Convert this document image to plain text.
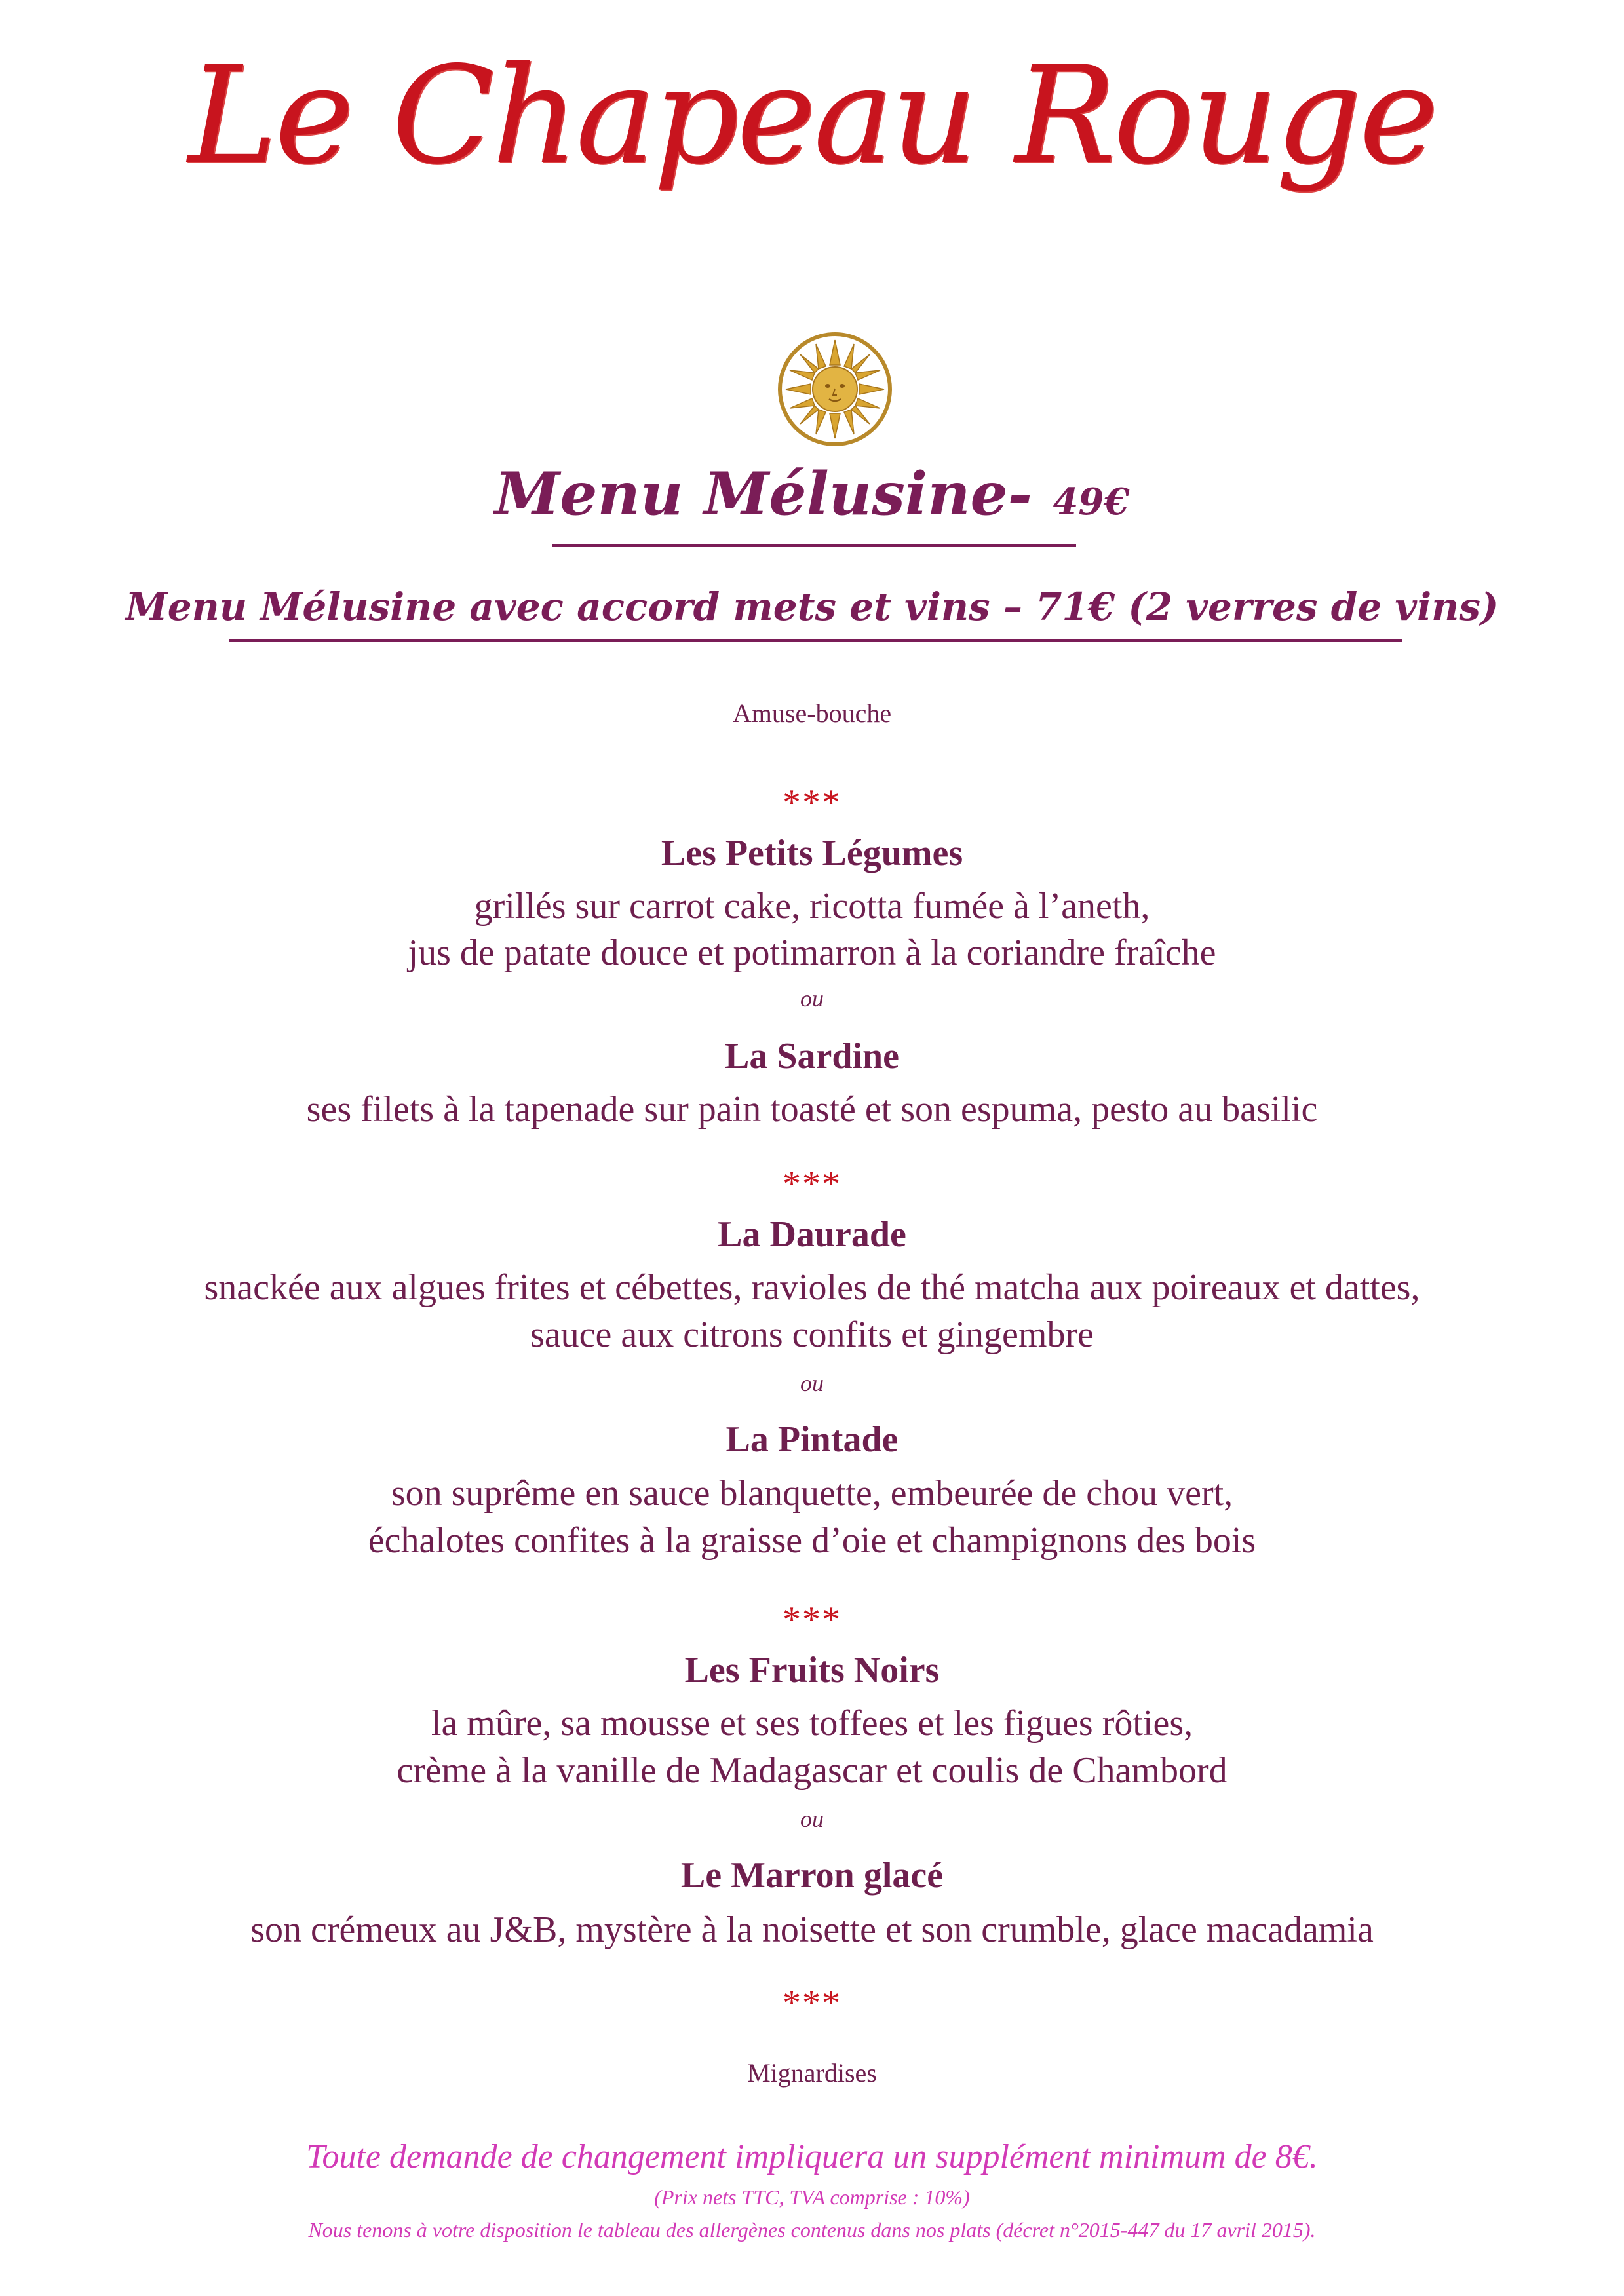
Le Chapeau Rouge
Menu Mélusine- 49€
Menu Mélusine avec accord mets et vins – 71€ (2 verres de vins)
Amuse-bouche
***
Les Petits Légumes
grillés sur carrot cake, ricotta fumée à l’aneth,
jus de patate douce et potimarron à la coriandre fraîche
ou
La Sardine
ses filets à la tapenade sur pain toasté et son espuma, pesto au basilic
***
La Daurade
snackée aux algues frites et cébettes, ravioles de thé matcha aux poireaux et dattes,
sauce aux citrons confits et gingembre
ou
La Pintade
son suprême en sauce blanquette, embeurée de chou vert,
échalotes confites à la graisse d’oie et champignons des bois
***
Les Fruits Noirs
la mûre, sa mousse et ses toffees et les figues rôties,
crème à la vanille de Madagascar et coulis de Chambord
ou
Le Marron glacé
son crémeux au J&B, mystère à la noisette et son crumble, glace macadamia
***
Mignardises
Toute demande de changement impliquera un supplément minimum de 8€.
(Prix nets TTC, TVA comprise : 10%)
Nous tenons à votre disposition le tableau des allergènes contenus dans nos plats (décret n°2015-447 du 17 avril 2015).
